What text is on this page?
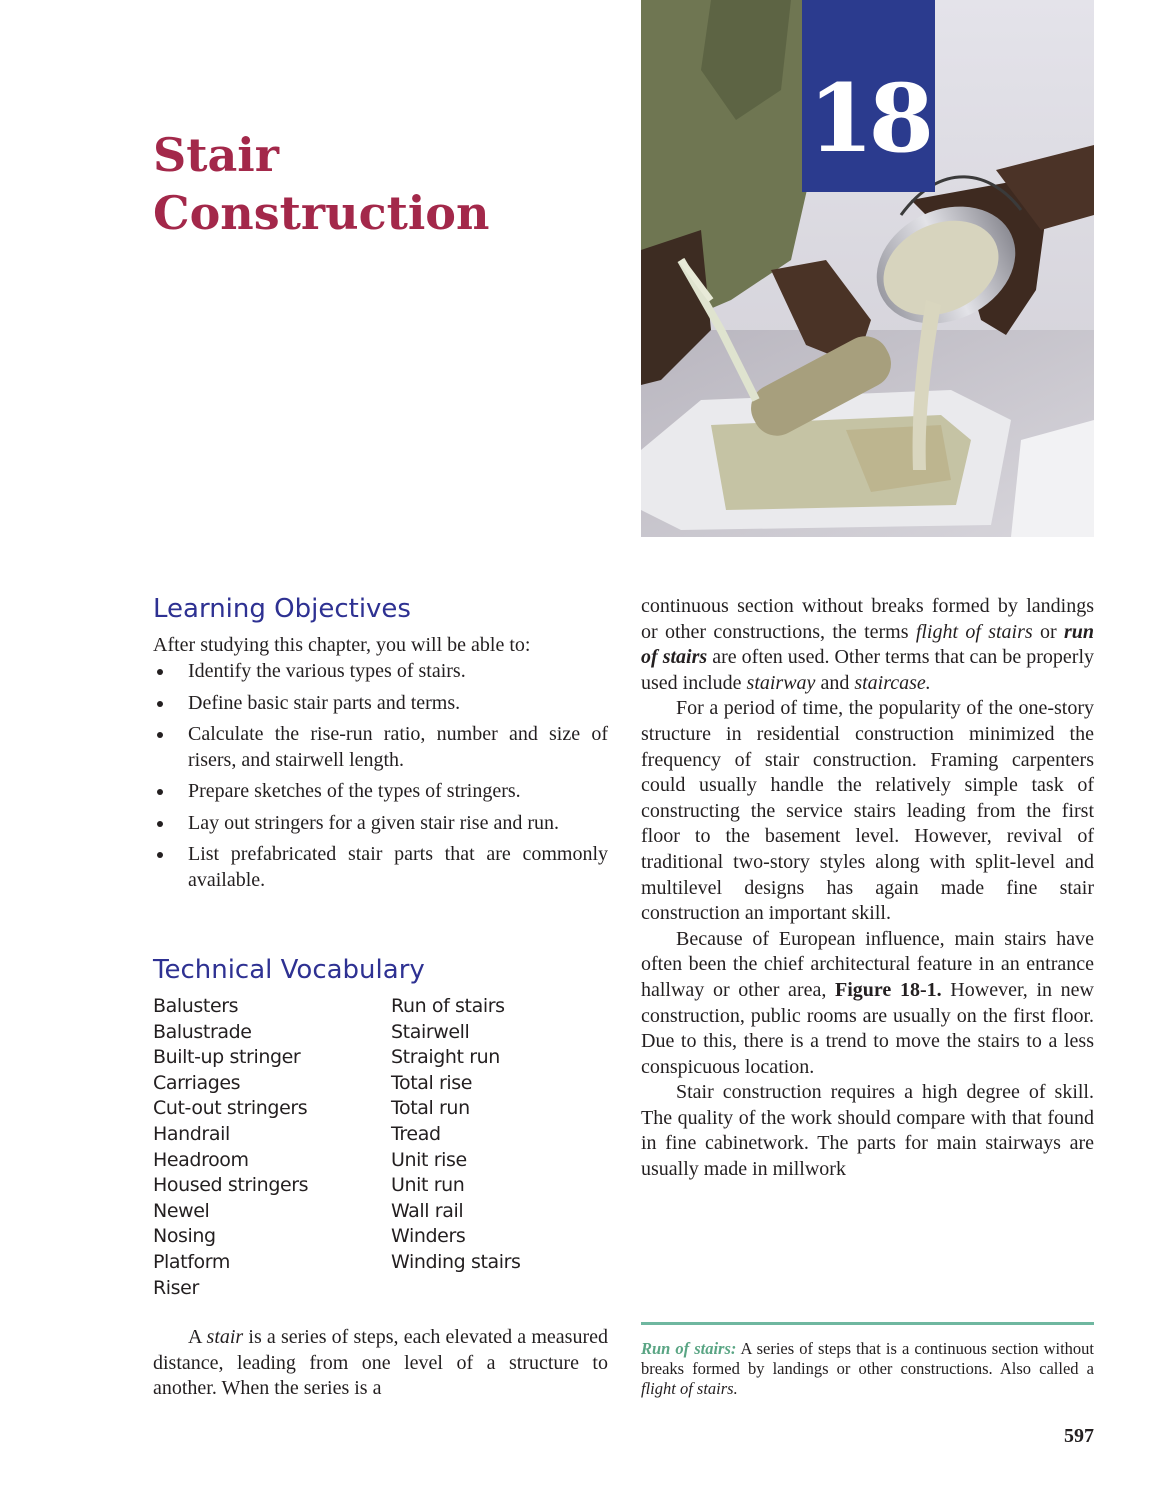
Stair
Construction
18
Learning Objectives
After studying this chapter, you will be able to:
Identify the various types of stairs.
Define basic stair parts and terms.
Calculate the rise-run ratio, number and size of risers, and stairwell length.
Prepare sketches of the types of stringers.
Lay out stringers for a given stair rise and run.
List prefabricated stair parts that are commonly available.
Technical Vocabulary
Balusters
Balustrade
Built-up stringer
Carriages
Cut-out stringers
Handrail
Headroom
Housed stringers
Newel
Nosing
Platform
Riser
Run of stairs
Stairwell
Straight run
Total rise
Total run
Tread
Unit rise
Unit run
Wall rail
Winders
Winding stairs

A stair is a series of steps, each elevated a measured distance, leading from one level of a structure to another. When the series is a

continuous section without breaks formed by landings or other constructions, the terms flight of stairs or run of stairs are often used. Other terms that can be properly used include stairway and staircase.

For a period of time, the popularity of the one-story structure in residential construction minimized the frequency of stair construction. Framing carpenters could usually handle the relatively simple task of constructing the service stairs leading from the first floor to the basement level. However, revival of traditional two-story styles along with split-level and multilevel designs has again made fine stair construction an important skill.

Because of European influence, main stairs have often been the chief architectural feature in an entrance hallway or other area, Figure 18-1. However, in new construction, public rooms are usually on the first floor. Due to this, there is a trend to move the stairs to a less conspicuous location.

Stair construction requires a high degree of skill. The quality of the work should compare with that found in fine cabinetwork. The parts for main stairways are usually made in millwork

Run of stairs: A series of steps that is a continuous section without breaks formed by landings or other constructions. Also called a flight of stairs.

597
